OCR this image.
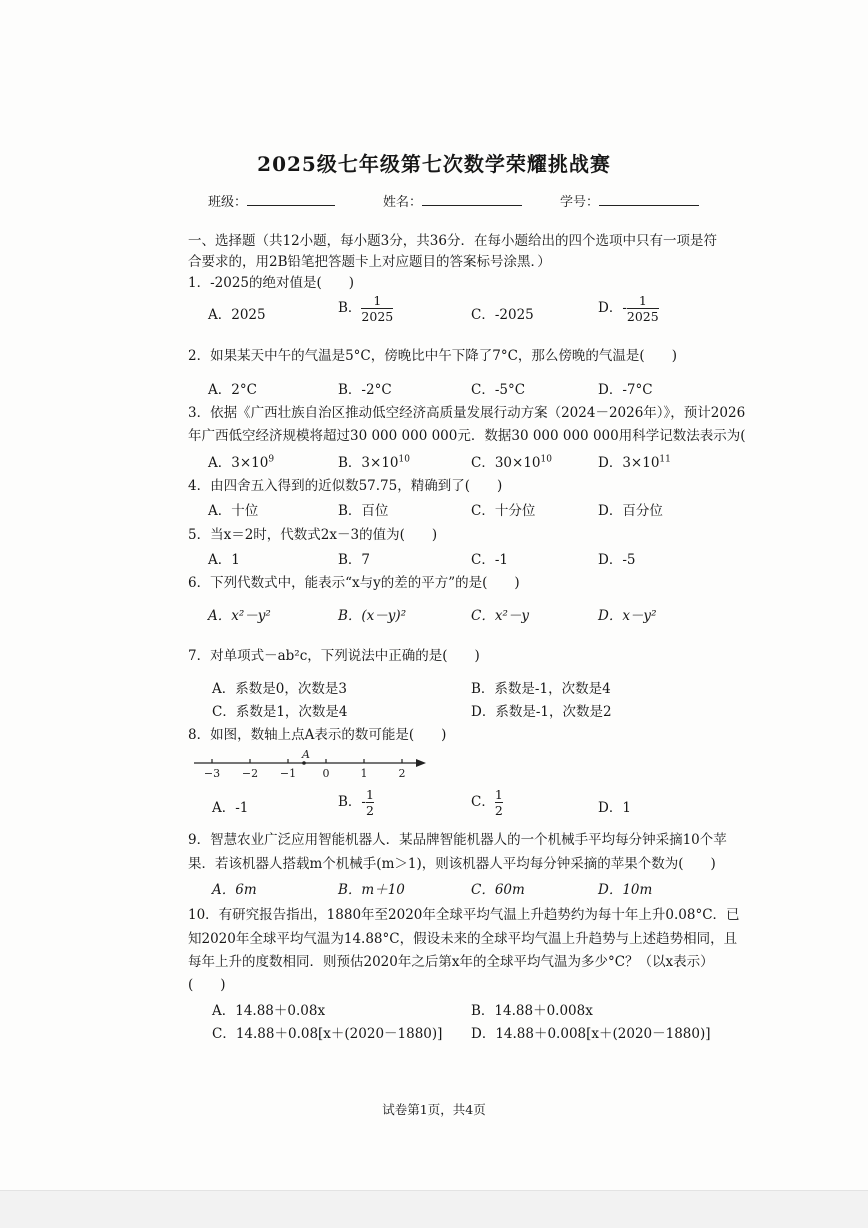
2025级七年级第七次数学荣耀挑战赛
班级：	姓名：	学号：
一、选择题（共12小题，每小题3分，共36分．在每小题给出的四个选项中只有一项是符
合要求的，用2B铅笔把答题卡上对应题目的答案标号涂黑．）
1．-2025的绝对值是(　　)
A．2025	B． $\frac{1}{2025}$	C．-2025	D．- $\frac{1}{2025}$
2．如果某天中午的气温是5°C，傍晚比中午下降了7°C，那么傍晚的气温是(　　)
A．2°C	B．-2°C	C．-5°C	D．-7°C
3．依据《广西壮族自治区推动低空经济高质量发展行动方案（2024－2026年）》，预计2026
年广西低空经济规模将超过30 000 000 000元．数据30 000 000 000用科学记数法表示为(
A．$3\times 10^9$	B．$3\times 10^{10}$	C．$30\times 10^{10}$	D．$3\times 10^{11}$
4．由四舍五入得到的近似数57.75，精确到了(　　)
A．十位	B．百位	C．十分位	D．百分位
5．当x＝2时，代数式2x－3的值为(　　)
A．1	B．7	C．-1	D．-5
6．下列代数式中，能表示“x与y的差的平方”的是(　　)
A．x²－y²	B．(x－y)²	C．x²－y	D．x－y²
7．对单项式－ab²c，下列说法中正确的是(　　)
A．系数是0，次数是3	B．系数是-1，次数是4
C．系数是1，次数是4	D．系数是-1，次数是2
8．如图，数轴上点A表示的数可能是(　　)
−3 −2 −1 0	1	2
A
A．-1	B．- $\frac{1}{2}$	C． $\frac{1}{2}$	D．1
9．智慧农业广泛应用智能机器人．某品牌智能机器人的一个机械手平均每分钟采摘10个苹
果．若该机器人搭载m个机械手(m＞1)，则该机器人平均每分钟采摘的苹果个数为(　　)
A．6m	B．m＋10	C．60m	D．10m
10．有研究报告指出，1880年至2020年全球平均气温上升趋势约为每十年上升0.08°C．已
知2020年全球平均气温为14.88°C，假设未来的全球平均气温上升趋势与上述趋势相同，且
每年上升的度数相同．则预估2020年之后第x年的全球平均气温为多少°C？（以x表示）
(　　)
A．14.88＋0.08x	B．14.88＋0.008x
C．14.88＋0.08[x＋(2020－1880)] D．14.88＋0.008[x＋(2020－1880)]
试卷第1页，共4页
